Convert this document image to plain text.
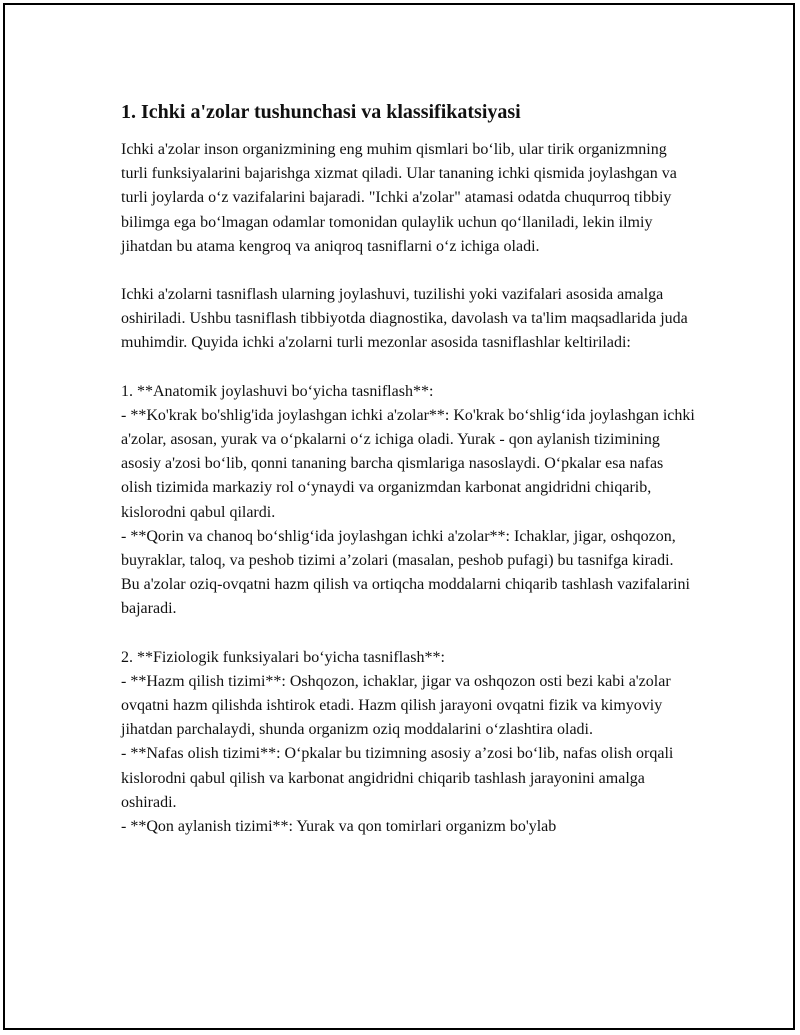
1. Ichki a'zolar tushunchasi va klassifikatsiyasi

Ichki a'zolar inson organizmining eng muhim qismlari bo‘lib, ular tirik organizmning turli funksiyalarini bajarishga xizmat qiladi. Ular tananing ichki qismida joylashgan va turli joylarda o‘z vazifalarini bajaradi. "Ichki a'zolar" atamasi odatda chuqurroq tibbiy bilimga ega bo‘lmagan odamlar tomonidan qulaylik uchun qo‘llaniladi, lekin ilmiy jihatdan bu atama kengroq va aniqroq tasniflarni o‘z ichiga oladi.

Ichki a'zolarni tasniflash ularning joylashuvi, tuzilishi yoki vazifalari asosida amalga oshiriladi. Ushbu tasniflash tibbiyotda diagnostika, davolash va ta'lim maqsadlarida juda muhimdir. Quyida ichki a'zolarni turli mezonlar asosida tasniflashlar keltiriladi:

1. **Anatomik joylashuvi bo‘yicha tasniflash**:

- **Ko'krak bo'shlig'ida joylashgan ichki a'zolar**: Ko'krak bo‘shlig‘ida joylashgan ichki a'zolar, asosan, yurak va o‘pkalarni o‘z ichiga oladi. Yurak - qon aylanish tizimining asosiy a'zosi bo‘lib, qonni tananing barcha qismlariga nasoslaydi. O‘pkalar esa nafas olish tizimida markaziy rol o‘ynaydi va organizmdan karbonat angidridni chiqarib, kislorodni qabul qilardi.

- **Qorin va chanoq bo‘shlig‘ida joylashgan ichki a'zolar**: Ichaklar, jigar, oshqozon, buyraklar, taloq, va peshob tizimi a’zolari (masalan, peshob pufagi) bu tasnifga kiradi. Bu a'zolar oziq-ovqatni hazm qilish va ortiqcha moddalarni chiqarib tashlash vazifalarini bajaradi.

2. **Fiziologik funksiyalari bo‘yicha tasniflash**:

- **Hazm qilish tizimi**: Oshqozon, ichaklar, jigar va oshqozon osti bezi kabi a'zolar ovqatni hazm qilishda ishtirok etadi. Hazm qilish jarayoni ovqatni fizik va kimyoviy jihatdan parchalaydi, shunda organizm oziq moddalarini o‘zlashtira oladi.

- **Nafas olish tizimi**: O‘pkalar bu tizimning asosiy a’zosi bo‘lib, nafas olish orqali kislorodni qabul qilish va karbonat angidridni chiqarib tashlash jarayonini amalga oshiradi.

- **Qon aylanish tizimi**: Yurak va qon tomirlari organizm bo'ylab
